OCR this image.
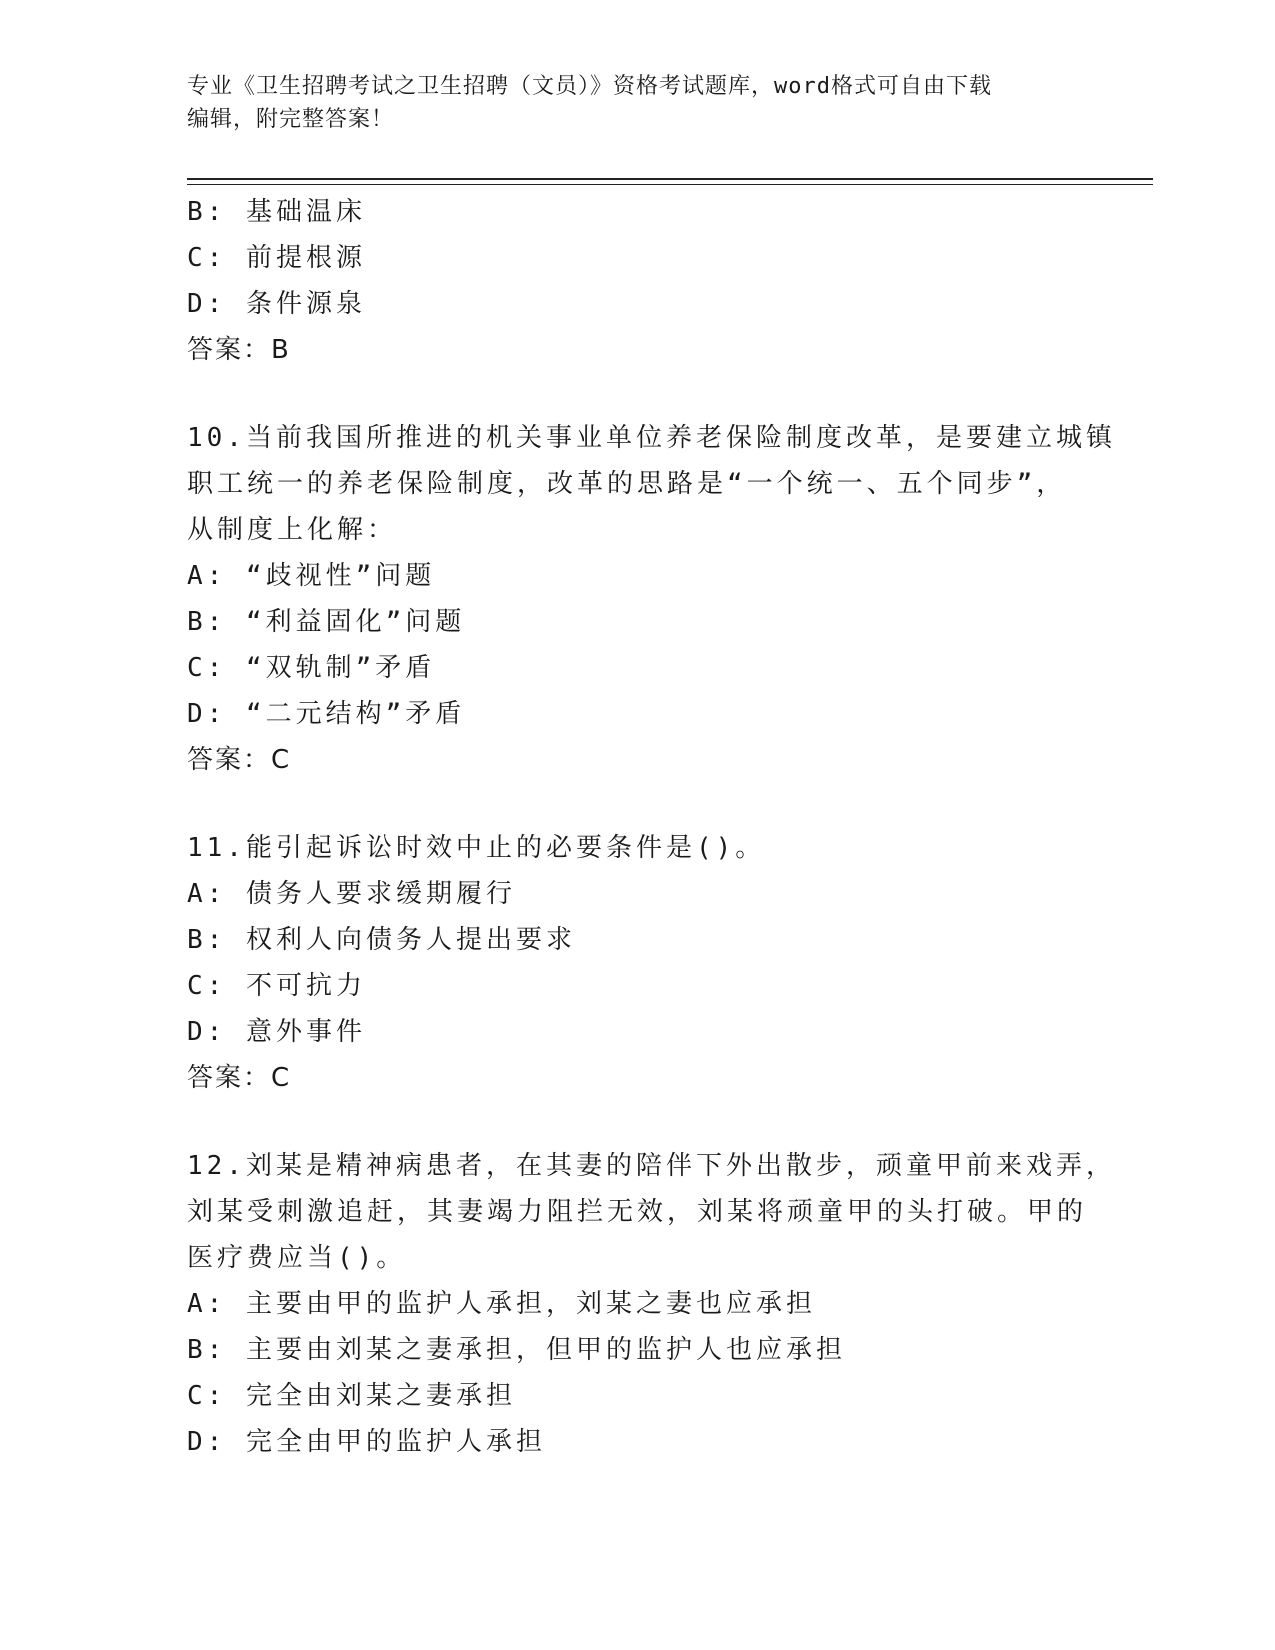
专业《卫生招聘考试之卫生招聘（文员）》资格考试题库，word格式可自由下载
编辑，附完整答案！
B: 基础温床
C: 前提根源
D: 条件源泉
答案：B
10.当前我国所推进的机关事业单位养老保险制度改革，是要建立城镇
职工统一的养老保险制度，改革的思路是“一个统一、五个同步”，
从制度上化解：
A: “歧视性”问题
B: “利益固化”问题
C: “双轨制”矛盾
D: “二元结构”矛盾
答案：C
11.能引起诉讼时效中止的必要条件是()。
A: 债务人要求缓期履行
B: 权利人向债务人提出要求
C: 不可抗力
D: 意外事件
答案：C
12.刘某是精神病患者，在其妻的陪伴下外出散步，顽童甲前来戏弄，
刘某受刺激追赶，其妻竭力阻拦无效，刘某将顽童甲的头打破。甲的
医疗费应当()。
A: 主要由甲的监护人承担，刘某之妻也应承担
B: 主要由刘某之妻承担，但甲的监护人也应承担
C: 完全由刘某之妻承担
D: 完全由甲的监护人承担
